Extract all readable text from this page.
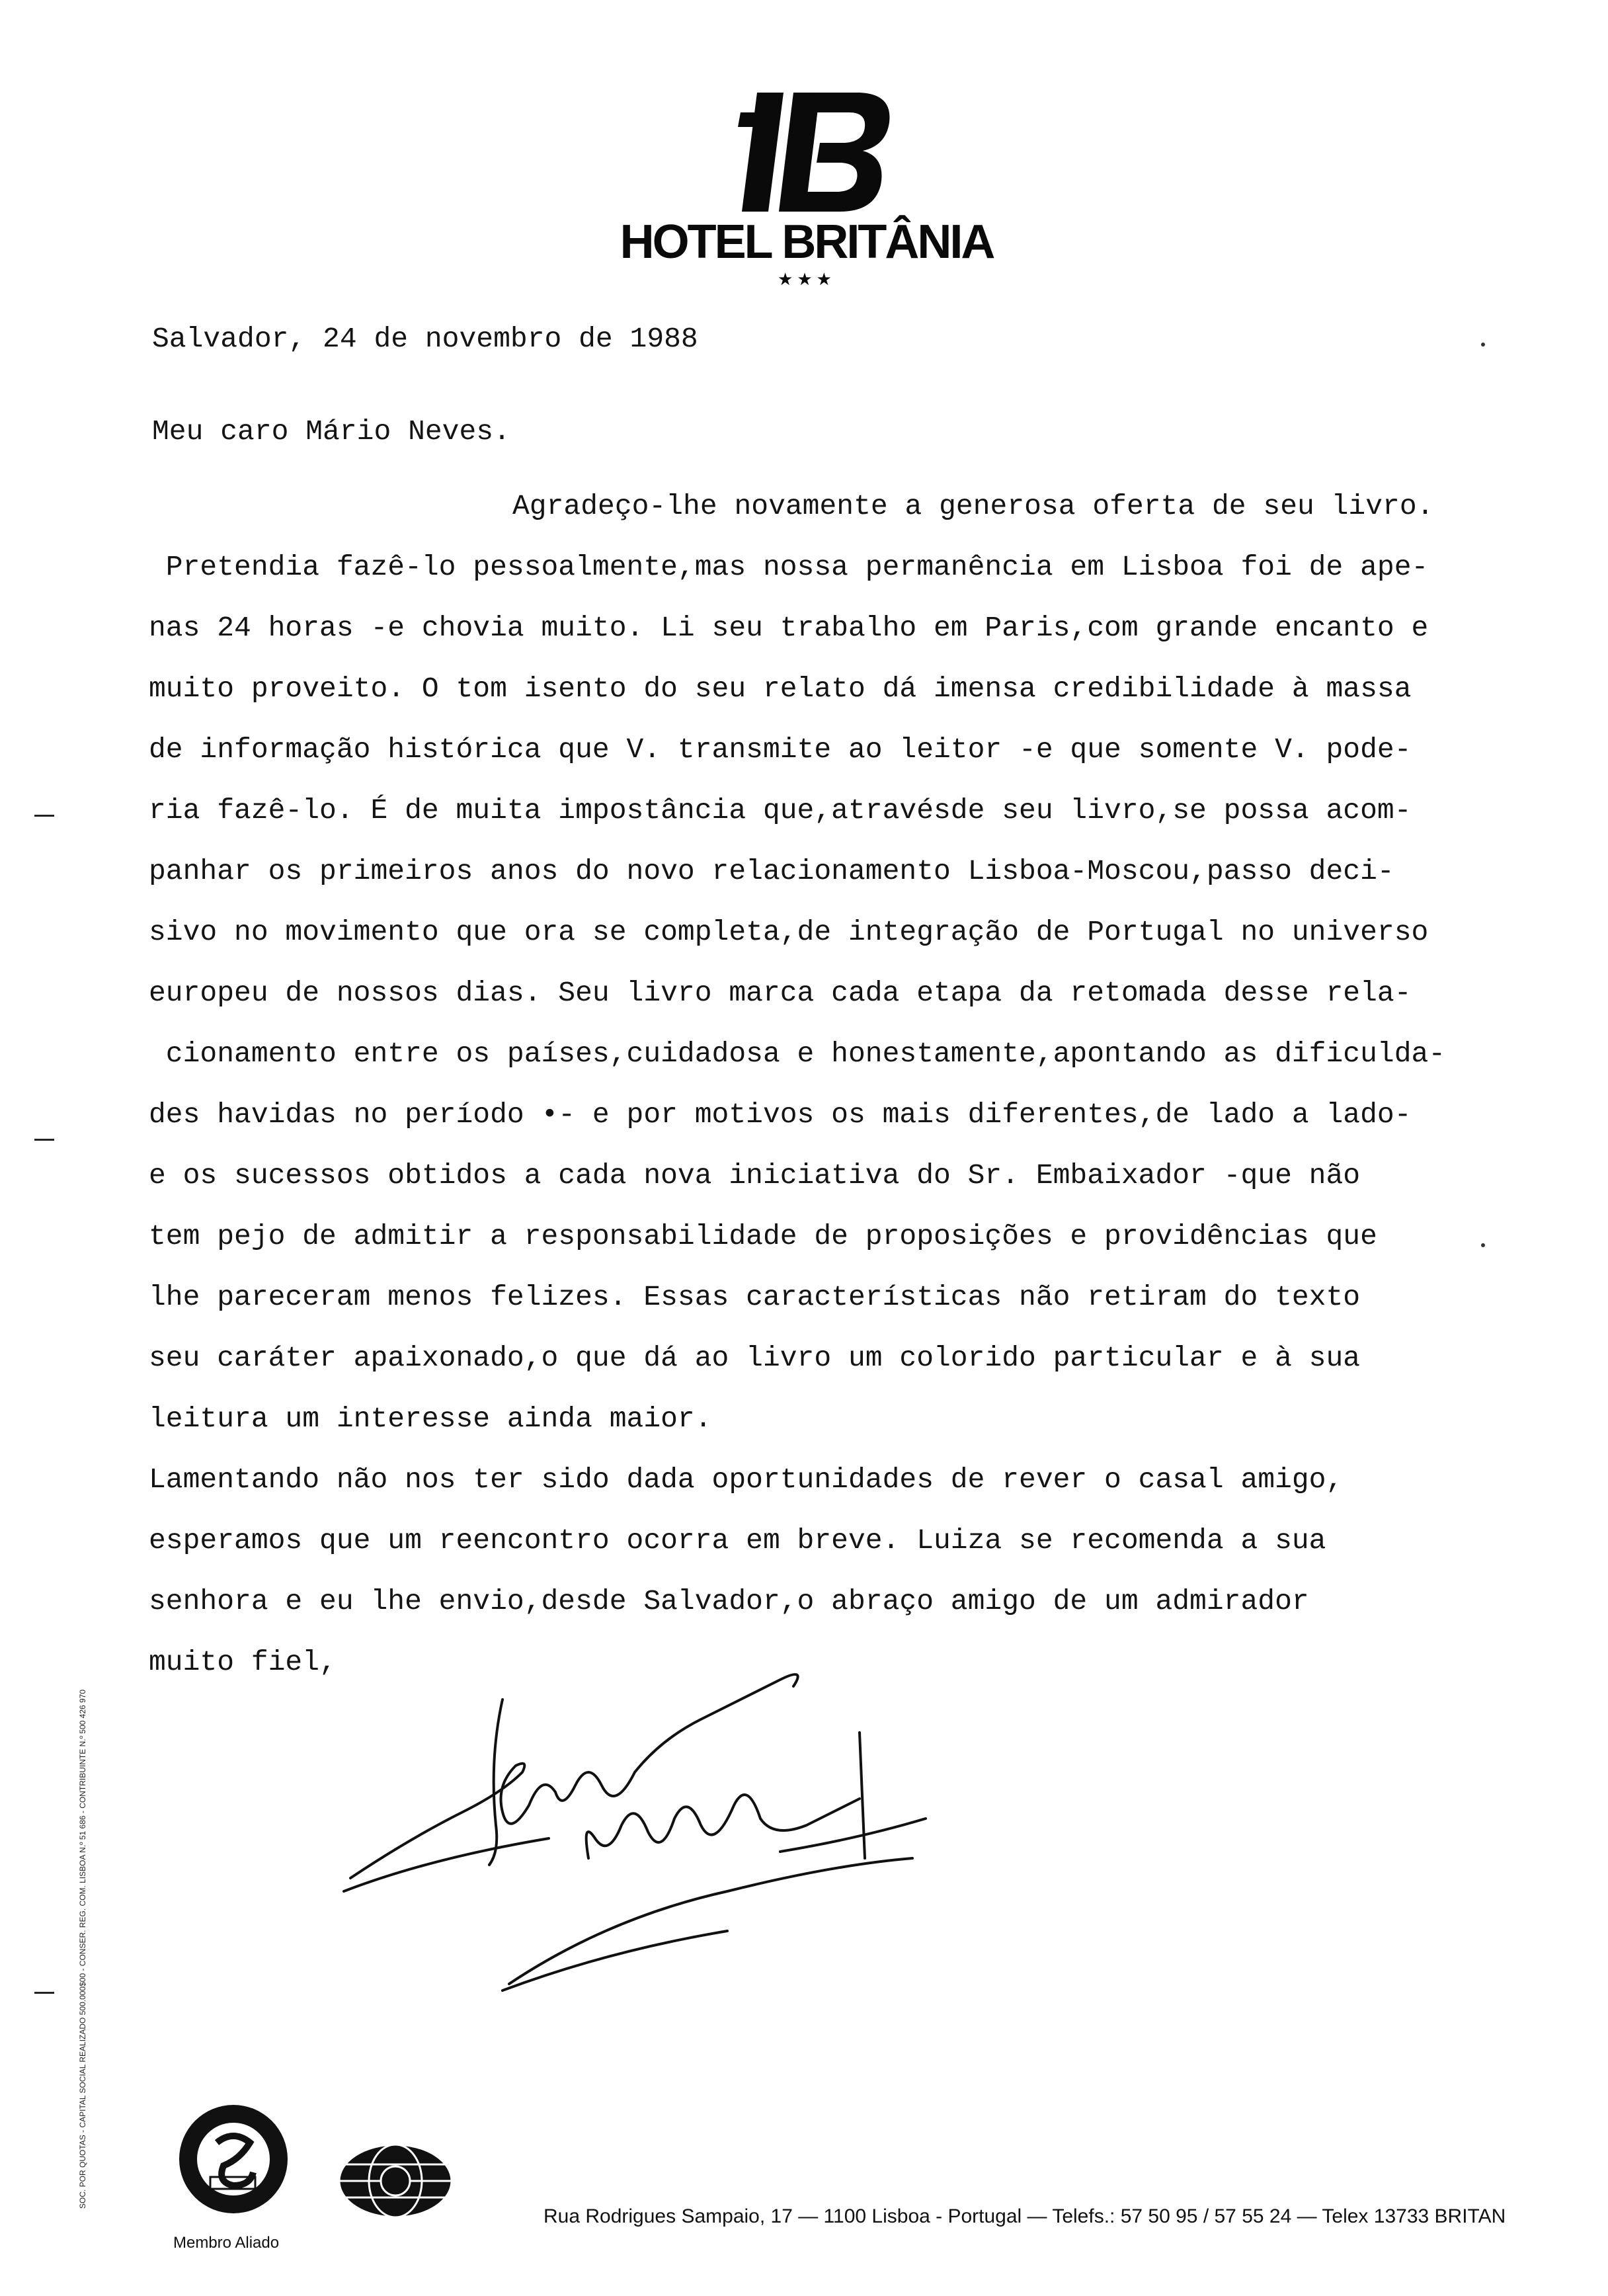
HOTEL BRITÂNIA
★★★
Salvador, 24 de novembro de 1988
Meu caro Mário Neves.
Agradeço-lhe novamente a generosa oferta de seu livro.
Pretendia fazê-lo pessoalmente,mas nossa permanência em Lisboa foi de ape-
nas 24 horas -e chovia muito. Li seu trabalho em Paris,com grande encanto e
muito proveito. O tom isento do seu relato dá imensa credibilidade à massa
de informação histórica que V. transmite ao leitor -e que somente V. pode-
ria fazê-lo. É de muita impostância que,atravésde seu livro,se possa acom-
panhar os primeiros anos do novo relacionamento Lisboa-Moscou,passo deci-
sivo no movimento que ora se completa,de integração de Portugal no universo
europeu de nossos dias. Seu livro marca cada etapa da retomada desse rela-
cionamento entre os países,cuidadosa e honestamente,apontando as dificulda-
des havidas no período •- e por motivos os mais diferentes,de lado a lado-
e os sucessos obtidos a cada nova iniciativa do Sr. Embaixador -que não
tem pejo de admitir a responsabilidade de proposições e providências que
lhe pareceram menos felizes. Essas características não retiram do texto
seu caráter apaixonado,o que dá ao livro um colorido particular e à sua
leitura um interesse ainda maior.
Lamentando não nos ter sido dada oportunidades de rever o casal amigo,
esperamos que um reencontro ocorra em breve. Luiza se recomenda a sua
senhora e eu lhe envio,desde Salvador,o abraço amigo de um admirador
muito fiel,
SOC. POR QUOTAS - CAPITAL SOCIAL REALIZADO 500.000$00 - CONSER. REG. COM. LISBOA N.º 51 686 - CONTRIBUINTE N.º 500 426 970
Membro Aliado
Rua Rodrigues Sampaio, 17 — 1100 Lisboa - Portugal — Telefs.: 57 50 95 / 57 55 24 — Telex 13733 BRITAN
